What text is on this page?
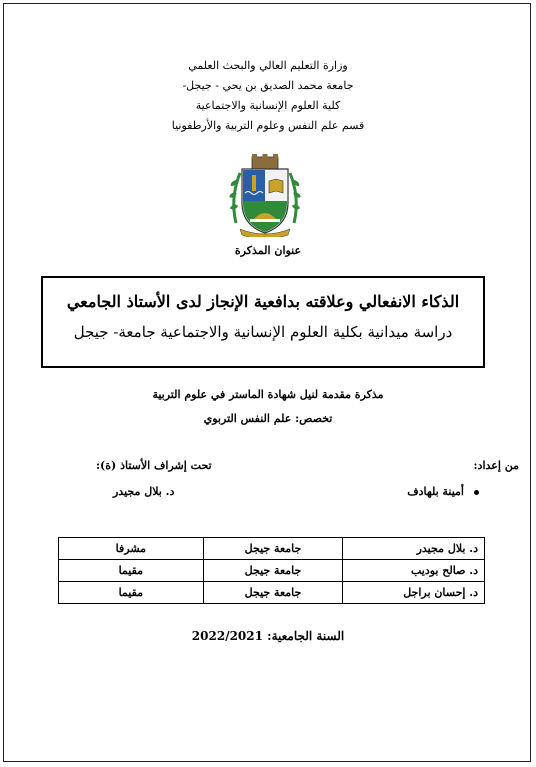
وزارة التعليم العالي والبحث العلمي
جامعة محمد الصديق بن يحي - جيجل-
كلية العلوم الإنسانية والاجتماعية
قسم علم النفس وعلوم التربية والأرطفونيا
عنوان المذكرة
الذكاء الانفعالي وعلاقته بدافعية الإنجاز لدى الأستاذ الجامعي
دراسة ميدانية بكلية العلوم الإنسانية والاجتماعية جامعة- جيجل
مذكرة مقدمة لنيل شهادة الماستر في علوم التربية
تخصص: علم النفس التربوي
من إعداد:
تحت إشراف الأستاذ (ة):
أمينة بلهادف
د. بلال مجيدر
د. بلال مجيدر	جامعة جيجل	مشرفا
د. صالح بوديب	جامعة جيجل	مقيما
د. إحسان براجل	جامعة جيجل	مقيما
السنة الجامعية: 2022/2021
